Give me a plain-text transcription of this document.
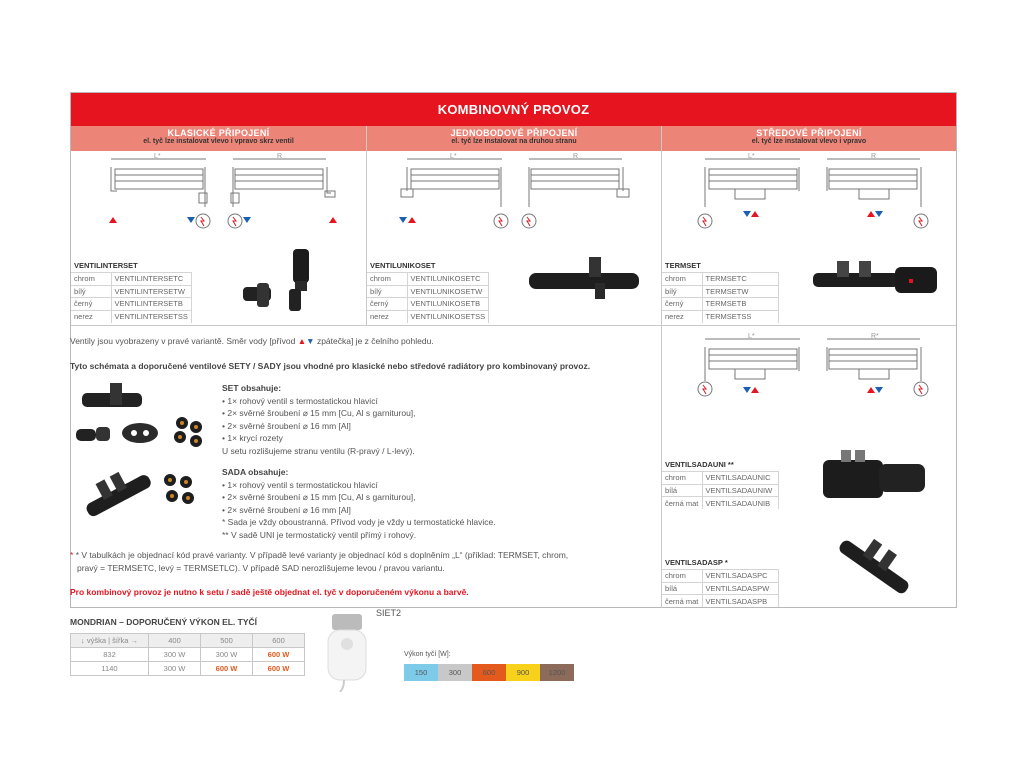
KOMBINOVNÝ PROVOZ
KLASICKÉ PŘIPOJENÍ
el. tyč lze instalovat vlevo i vpravo skrz ventil
JEDNOBODOVÉ PŘIPOJENÍ
el. tyč lze instalovat na druhou stranu
STŘEDOVÉ PŘIPOJENÍ
el. tyč lze instalovat vlevo i vpravo
L*	R	L*	R	L*	R
VENTILINTERSET
chrom	VENTILINTERSETC
bílý	VENTILINTERSETW
černý	VENTILINTERSETB
nerez	VENTILINTERSETSS
VENTILUNIKOSET
chrom	VENTILUNIKOSETC
bílý	VENTILUNIKOSETW
černý	VENTILUNIKOSETB
nerez	VENTILUNIKOSETSS
TERMSET
chrom	TERMSETC
bílý	TERMSETW
černý	TERMSETB
nerez	TERMSETSS
L*	R*
VENTILSADAUNI **
chrom	VENTILSADAUNIC
bílá	VENTILSADAUNIW
černá mat	VENTILSADAUNIB
VENTILSADASP *
chrom	VENTILSADASPC
bílá	VENTILSADASPW
černá mat	VENTILSADASPB
Ventily jsou vyobrazeny v pravé variantě. Směr vody [přívod ▲▼ zpátečka] je z čelního pohledu.
Tyto schémata a doporučené ventilové SETY / SADY jsou vhodné pro klasické nebo středové radiátory pro kombinovaný provoz.
SET obsahuje:
• 1× rohový ventil s termostatickou hlavicí
• 2× svěrné šroubení ⌀ 15 mm [Cu, Al s garniturou],
• 2× svěrné šroubení ⌀ 16 mm [Al]
• 1× krycí rozety
U setu rozlišujeme stranu ventilu (R-pravý / L-levý).
SADA obsahuje:
• 1× rohový ventil s termostatickou hlavicí
• 2× svěrné šroubení ⌀ 15 mm [Cu, Al s garniturou],
• 2× svěrné šroubení ⌀ 16 mm [Al]
* Sada je vždy oboustranná. Přívod vody je vždy u termostatické hlavice.
** V sadě UNI je termostatický ventil přímý i rohový.
* * V tabulkách je objednací kód pravé varianty. V případě levé varianty je objednací kód s doplněním „L“ (příklad: TERMSET, chrom,
pravý = TERMSETC, levý = TERMSETLC). V případě SAD nerozlišujeme levou / pravou variantu.
Pro kombinový provoz je nutno k setu / sadě ještě objednat el. tyč v doporučeném výkonu a barvě.
MONDRIAN – DOPORUČENÝ VÝKON EL. TYČÍ
↓ výška | šířka →	400	500	600
832	300 W	300 W	600 W
1140	300 W	600 W	600 W
SIET2
Výkon tyčí [W]:
150	300	600	900	1200
